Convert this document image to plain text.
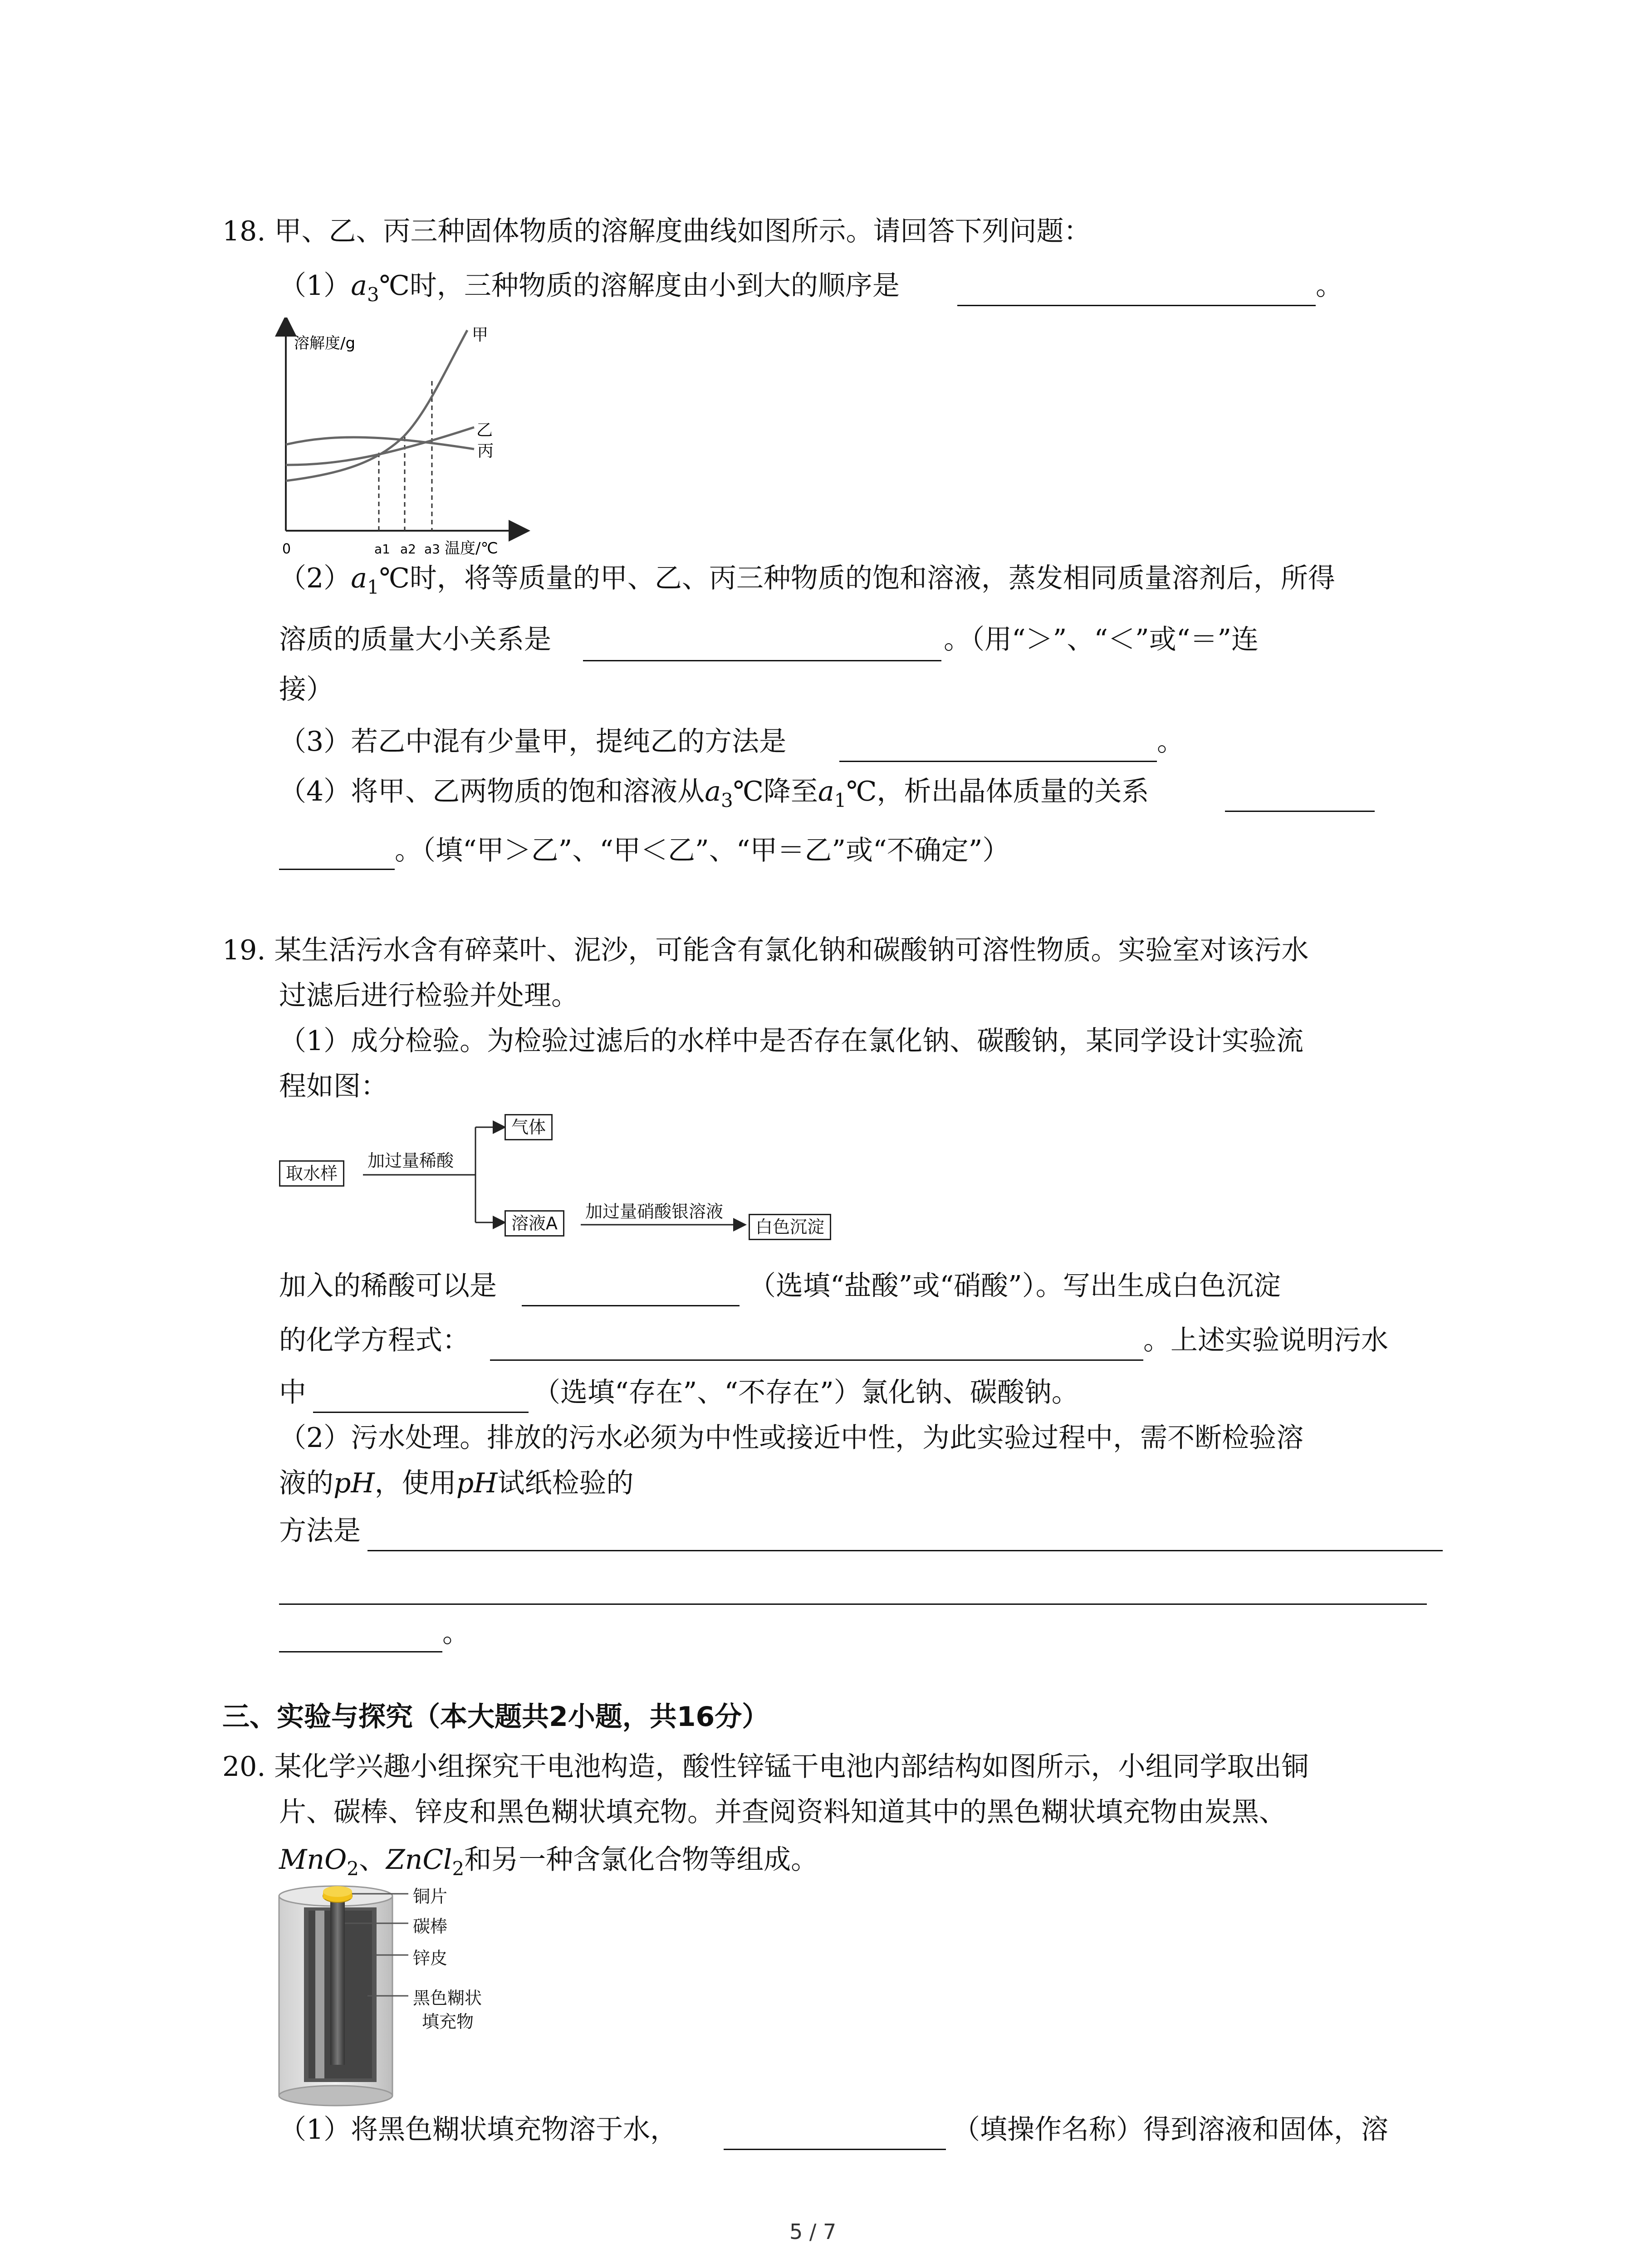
18. 甲、乙、丙三种固体物质的溶解度曲线如图所示。请回答下列问题：
$(1)a_3℃$时，三种物质的溶解度由小到大的顺序是	。
溶解度/g
0	a1 a2 a3 温度/℃
甲
乙
丙
$(2)a_1℃$时，将等质量的甲、乙、丙三种物质的饱和溶液，蒸发相同质量溶剂后，所得
溶质的质量大小关系是	。（用“＞”、“＜”或“＝”连
接）
（3）若乙中混有少量甲，提纯乙的方法是	。
（4）将甲、乙两物质的饱和溶液从$a_3℃$降至$a_1℃$，析出晶体质量的关系
。（填“甲＞乙”、“甲＜乙”、“甲＝乙”或“不确定”）
19. 某生活污水含有碎菜叶、泥沙，可能含有氯化钠和碳酸钠可溶性物质。实验室对该污水
过滤后进行检验并处理。
（1）成分检验。为检验过滤后的水样中是否存在氯化钠、碳酸钠，某同学设计实验流
程如图：
取水样
加过量稀酸
气体
溶液A
加过量硝酸银溶液
白色沉淀
加入的稀酸可以是	（选填“盐酸”或“硝酸”）。写出生成白色沉淀
的化学方程式：	。上述实验说明污水
中	（选填“存在”、“不存在”）氯化钠、碳酸钠。
（2）污水处理。排放的污水必须为中性或接近中性，为此实验过程中，需不断检验溶
液的pH，使用pH试纸检验的
方法是
。
三、实验与探究（本大题共2小题，共16分）
20. 某化学兴趣小组探究干电池构造，酸性锌锰干电池内部结构如图所示，小组同学取出铜
片、碳棒、锌皮和黑色糊状填充物。并查阅资料知道其中的黑色糊状填充物由炭黑、
MnO$_2$、ZnCl$_2$和另一种含氯化合物等组成。
铜片
碳棒
锌皮
黑色糊状
填充物
（1）将黑色糊状填充物溶于水，	（填操作名称）得到溶液和固体，溶
5 / 7
